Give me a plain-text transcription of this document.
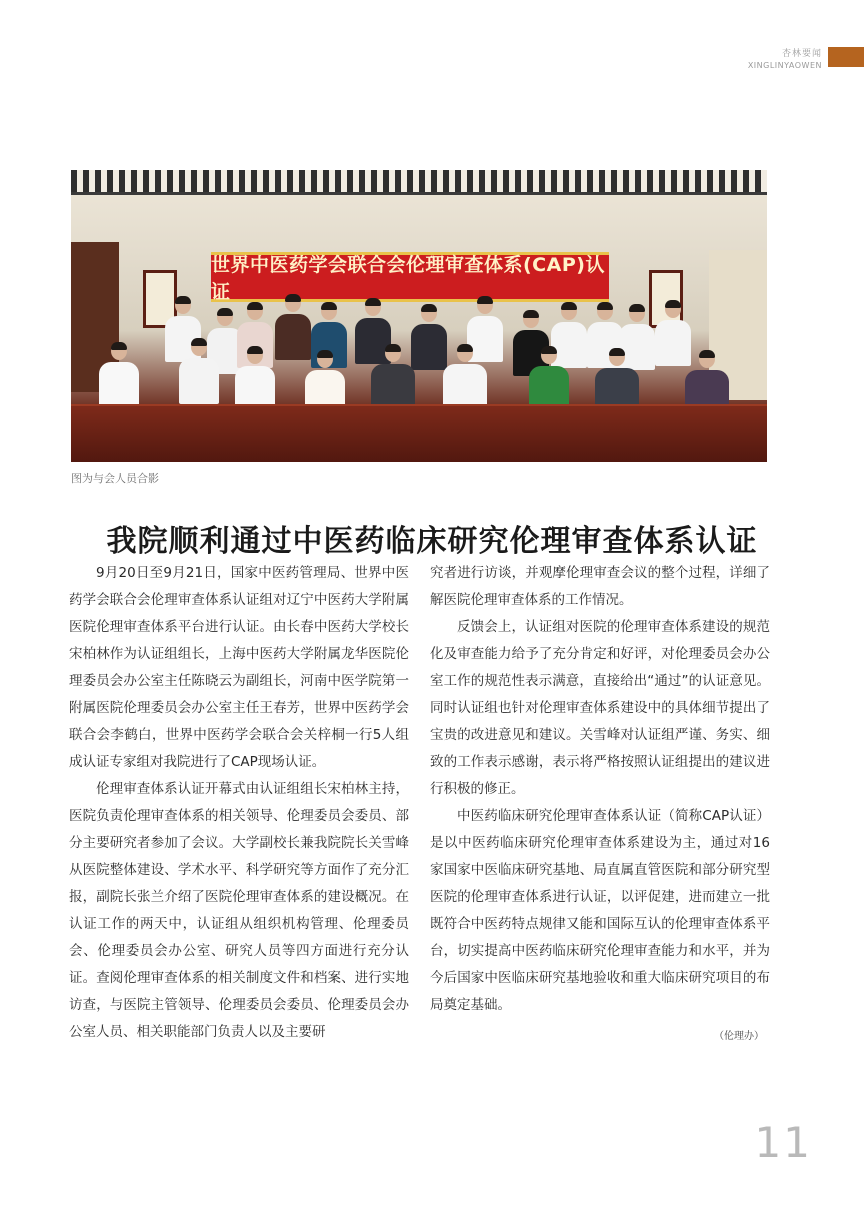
杏林要闻
XINGLINYAOWEN
世界中医药学会联合会伦理审查体系(CAP)认证
图为与会人员合影
我院顺利通过中医药临床研究伦理审查体系认证

9月20日至9月21日，国家中医药管理局、世界中医药学会联合会伦理审查体系认证组对辽宁中医药大学附属医院伦理审查体系平台进行认证。由长春中医药大学校长宋柏林作为认证组组长，上海中医药大学附属龙华医院伦理委员会办公室主任陈晓云为副组长，河南中医学院第一附属医院伦理委员会办公室主任王春芳，世界中医药学会联合会李鹤白，世界中医药学会联合会关梓桐一行5人组成认证专家组对我院进行了CAP现场认证。

伦理审查体系认证开幕式由认证组组长宋柏林主持，医院负责伦理审查体系的相关领导、伦理委员会委员、部分主要研究者参加了会议。大学副校长兼我院院长关雪峰从医院整体建设、学术水平、科学研究等方面作了充分汇报，副院长张兰介绍了医院伦理审查体系的建设概况。在认证工作的两天中，认证组从组织机构管理、伦理委员会、伦理委员会办公室、研究人员等四方面进行充分认证。查阅伦理审查体系的相关制度文件和档案、进行实地访查，与医院主管领导、伦理委员会委员、伦理委员会办公室人员、相关职能部门负责人以及主要研

究者进行访谈，并观摩伦理审查会议的整个过程，详细了解医院伦理审查体系的工作情况。

反馈会上，认证组对医院的伦理审查体系建设的规范化及审查能力给予了充分肯定和好评，对伦理委员会办公室工作的规范性表示满意，直接给出“通过”的认证意见。同时认证组也针对伦理审查体系建设中的具体细节提出了宝贵的改进意见和建议。关雪峰对认证组严谨、务实、细致的工作表示感谢，表示将严格按照认证组提出的建议进行积极的修正。

中医药临床研究伦理审查体系认证（简称CAP认证）是以中医药临床研究伦理审查体系建设为主，通过对16家国家中医临床研究基地、局直属直管医院和部分研究型医院的伦理审查体系进行认证，以评促建，进而建立一批既符合中医药特点规律又能和国际互认的伦理审查体系平台，切实提高中医药临床研究伦理审查能力和水平，并为今后国家中医临床研究基地验收和重大临床研究项目的布局奠定基础。

（伦理办）
11
